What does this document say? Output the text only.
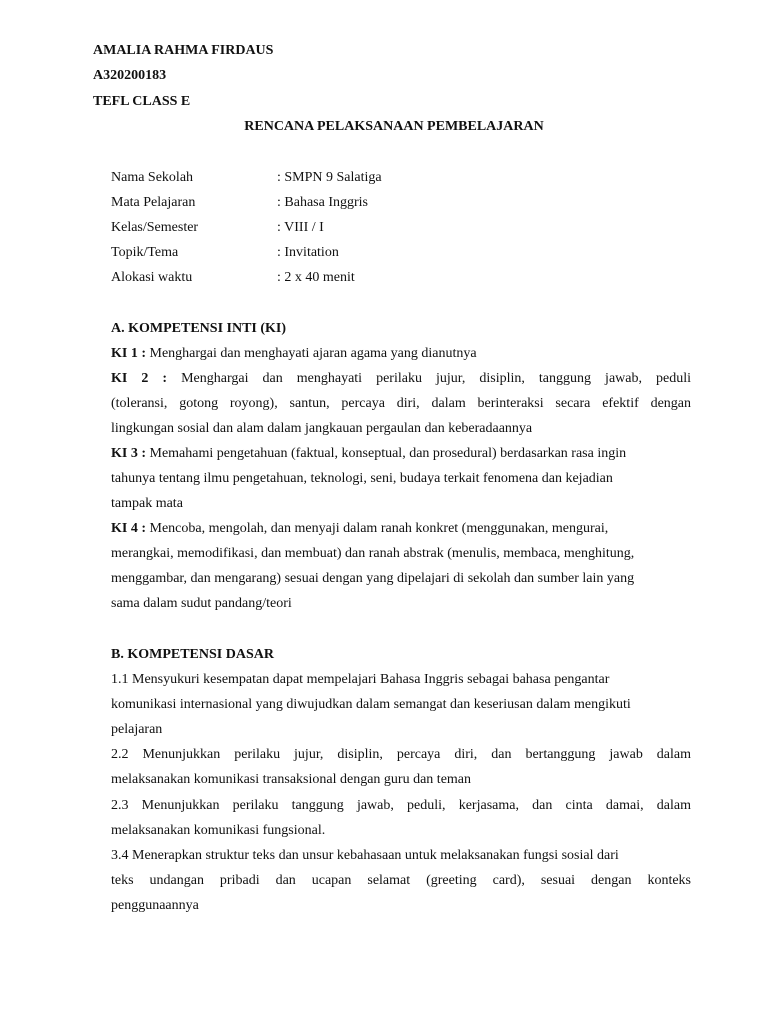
AMALIA RAHMA FIRDAUS
A320200183
TEFL CLASS E
RENCANA PELAKSANAAN PEMBELAJARAN
Nama Sekolah	: SMPN 9 Salatiga
Mata Pelajaran	: Bahasa Inggris
Kelas/Semester	: VIII / I
Topik/Tema	: Invitation
Alokasi waktu	: 2 x 40 menit
A. KOMPETENSI INTI (KI)
KI 1 : Menghargai dan menghayati ajaran agama yang dianutnya
KI 2 : Menghargai dan menghayati perilaku jujur, disiplin, tanggung jawab, peduli
(toleransi, gotong royong), santun, percaya diri, dalam berinteraksi secara efektif dengan
lingkungan sosial dan alam dalam jangkauan pergaulan dan keberadaannya
KI 3 : Memahami pengetahuan (faktual, konseptual, dan prosedural) berdasarkan rasa ingin
tahunya tentang ilmu pengetahuan, teknologi, seni, budaya terkait fenomena dan kejadian
tampak mata
KI 4 : Mencoba, mengolah, dan menyaji dalam ranah konkret (menggunakan, mengurai,
merangkai, memodifikasi, dan membuat) dan ranah abstrak (menulis, membaca, menghitung,
menggambar, dan mengarang) sesuai dengan yang dipelajari di sekolah dan sumber lain yang
sama dalam sudut pandang/teori
B. KOMPETENSI DASAR
1.1 Mensyukuri kesempatan dapat mempelajari Bahasa Inggris sebagai bahasa pengantar
komunikasi internasional yang diwujudkan dalam semangat dan keseriusan dalam mengikuti
pelajaran
2.2 Menunjukkan perilaku jujur, disiplin, percaya diri, dan bertanggung jawab dalam
melaksanakan komunikasi transaksional dengan guru dan teman
2.3 Menunjukkan perilaku tanggung jawab, peduli, kerjasama, dan cinta damai, dalam
melaksanakan komunikasi fungsional.
3.4 Menerapkan struktur teks dan unsur kebahasaan untuk melaksanakan fungsi sosial dari
teks undangan pribadi dan ucapan selamat (greeting card), sesuai dengan konteks
penggunaannya
